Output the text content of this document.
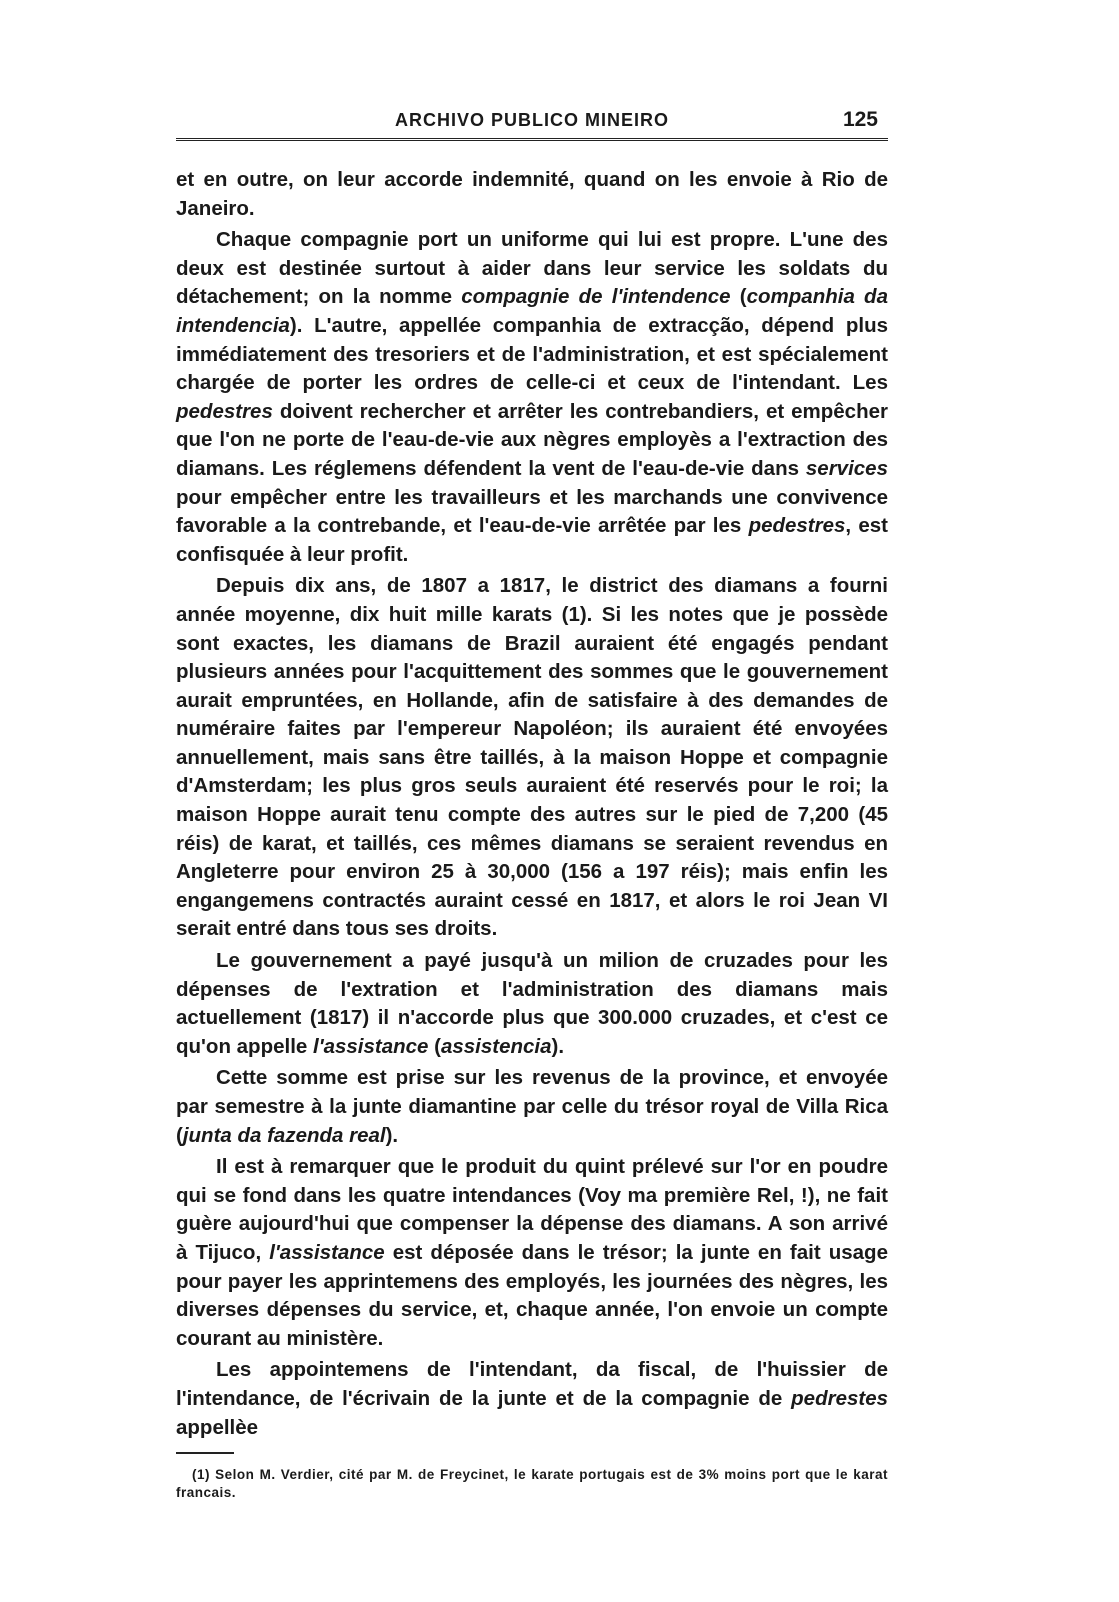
ARCHIVO PUBLICO MINEIRO	125

et en outre, on leur accorde indemnité, quand on les envoie à Rio de Janeiro.

Chaque compagnie port un uniforme qui lui est propre. L'une des deux est destinée surtout à aider dans leur service les soldats du détachement; on la nomme compagnie de l'intendence (companhia da intendencia). L'autre, appellée companhia de extracção, dépend plus immédiatement des tresoriers et de l'administration, et est spécialement chargée de porter les ordres de celle-ci et ceux de l'intendant. Les pedestres doivent rechercher et arrêter les contrebandiers, et empêcher que l'on ne porte de l'eau-de-vie aux nègres employès a l'extraction des diamans. Les réglemens défendent la vent de l'eau-de-vie dans services pour empêcher entre les travailleurs et les marchands une convivence favorable a la contrebande, et l'eau-de-vie arrêtée par les pedestres, est confisquée à leur profit.

Depuis dix ans, de 1807 a 1817, le district des diamans a fourni année moyenne, dix huit mille karats (1). Si les notes que je possède sont exactes, les diamans de Brazil auraient été engagés pendant plusieurs années pour l'acquittement des sommes que le gouvernement aurait empruntées, en Hollande, afin de satisfaire à des demandes de numéraire faites par l'empereur Napoléon; ils auraient été envoyées annuellement, mais sans être taillés, à la maison Hoppe et compagnie d'Amsterdam; les plus gros seuls auraient été reservés pour le roi; la maison Hoppe aurait tenu compte des autres sur le pied de 7,200 (45 réis) de karat, et taillés, ces mêmes diamans se seraient revendus en Angleterre pour environ 25 à 30,000 (156 a 197 réis); mais enfin les engangemens contractés auraint cessé en 1817, et alors le roi Jean VI serait entré dans tous ses droits.

Le gouvernement a payé jusqu'à un milion de cruzades pour les dépenses de l'extration et l'administration des diamans mais actuellement (1817) il n'accorde plus que 300.000 cruzades, et c'est ce qu'on appelle l'assistance (assistencia).

Cette somme est prise sur les revenus de la province, et envoyée par semestre à la junte diamantine par celle du trésor royal de Villa Rica (junta da fazenda real).

Il est à remarquer que le produit du quint prélevé sur l'or en poudre qui se fond dans les quatre intendances (Voy ma première Rel, !), ne fait guère aujourd'hui que compenser la dépense des diamans. A son arrivé à Tijuco, l'assistance est déposée dans le trésor; la junte en fait usage pour payer les apprintemens des employés, les journées des nègres, les diverses dépenses du service, et, chaque année, l'on envoie un compte courant au ministère.

Les appointemens de l'intendant, da fiscal, de l'huissier de l'intendance, de l'écrivain de la junte et de la compagnie de pedrestes appellèe

(1) Selon M. Verdier, cité par M. de Freycinet, le karate portugais est de 3% moins port que le karat francais.
